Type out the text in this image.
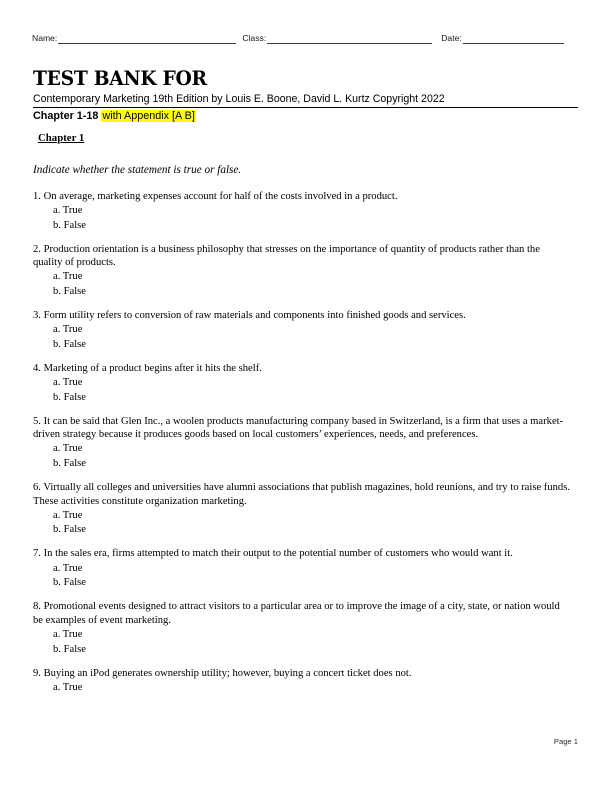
Name:	Class:	Date:
TEST BANK FOR
Contemporary Marketing 19th Edition by Louis E. Boone, David L. Kurtz Copyright 2022
Chapter 1-18 with Appendix [A B]
Chapter 1
Indicate whether the statement is true or false.
1. On average, marketing expenses account for half of the costs involved in a product.
a. True
b. False
2. Production orientation is a business philosophy that stresses on the importance of quantity of products rather than the quality of products.
a. True
b. False
3. Form utility refers to conversion of raw materials and components into finished goods and services.
a. True
b. False
4. Marketing of a product begins after it hits the shelf.
a. True
b. False
5. It can be said that Glen Inc., a woolen products manufacturing company based in Switzerland, is a firm that uses a market-driven strategy because it produces goods based on local customers’ experiences, needs, and preferences.
a. True
b. False
6. Virtually all colleges and universities have alumni associations that publish magazines, hold reunions, and try to raise funds. These activities constitute organization marketing.
a. True
b. False
7. In the sales era, firms attempted to match their output to the potential number of customers who would want it.
a. True
b. False
8. Promotional events designed to attract visitors to a particular area or to improve the image of a city, state, or nation would be examples of event marketing.
a. True
b. False
9. Buying an iPod generates ownership utility; however, buying a concert ticket does not.
a. True
Page 1
